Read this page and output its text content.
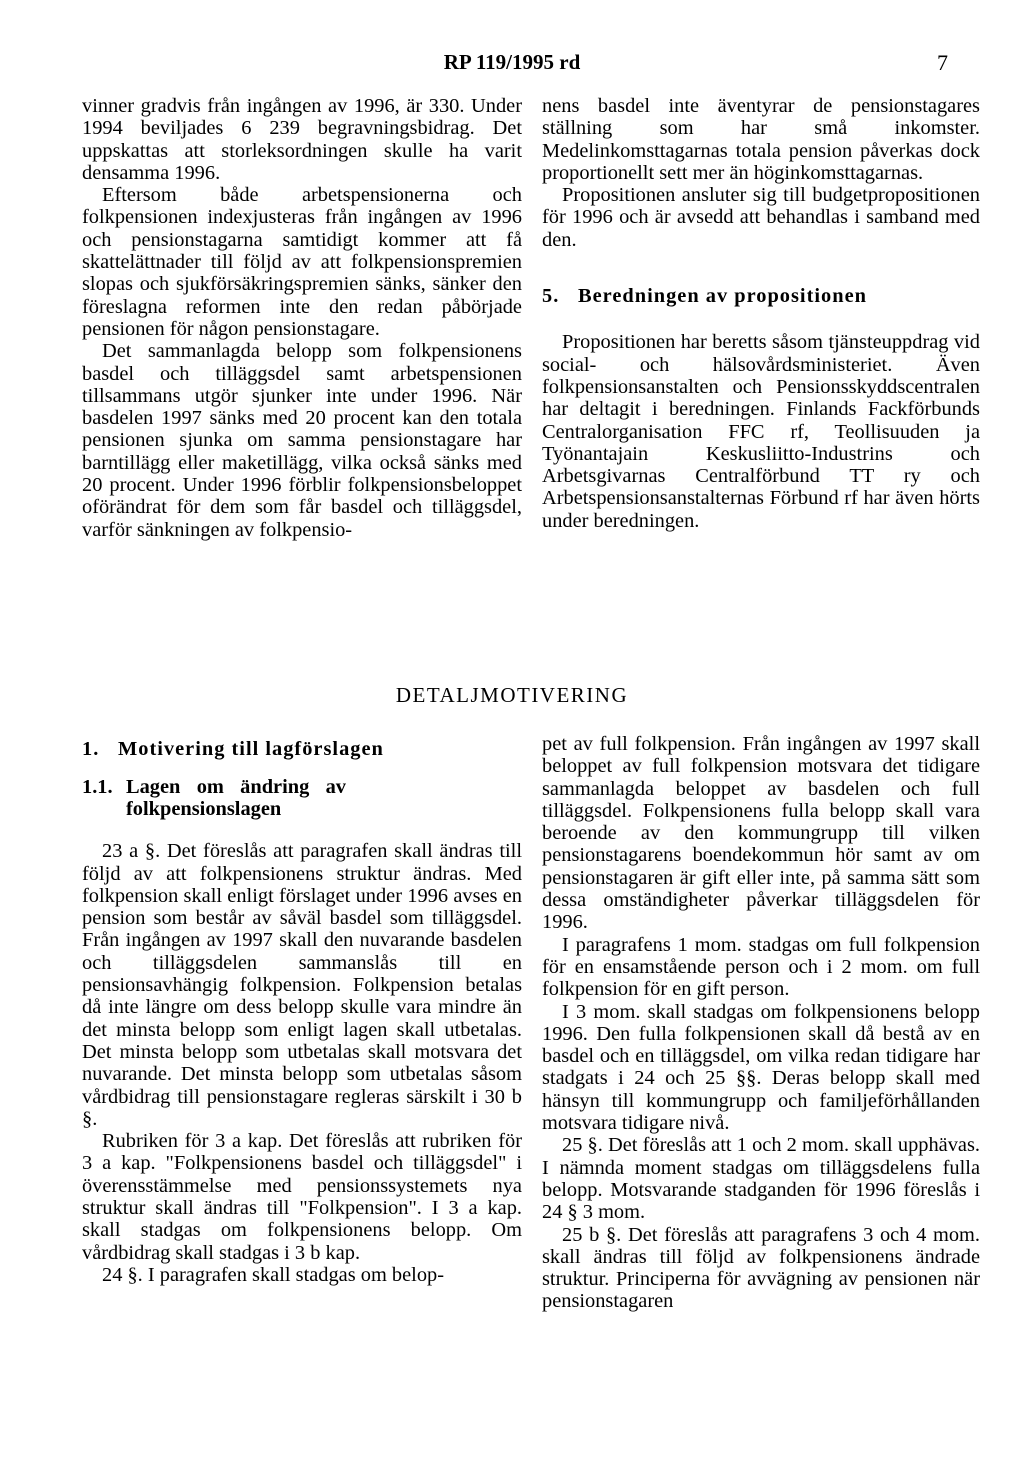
RP 119/1995 rd	7

vinner gradvis från ingången av 1996, är 330. Under 1994 beviljades 6 239 begravningsbidrag. Det uppskattas att storleksordningen skulle ha varit densamma 1996.

Eftersom både arbetspensionerna och folkpensionen indexjusteras från ingången av 1996 och pensionstagarna samtidigt kommer att få skattelättnader till följd av att folkpensionspremien slopas och sjukförsäkringspremien sänks, sänker den föreslagna reformen inte den redan påbörjade pensionen för någon pensionstagare.

Det sammanlagda belopp som folkpensionens basdel och tilläggsdel samt arbetspensionen tillsammans utgör sjunker inte under 1996. När basdelen 1997 sänks med 20 procent kan den totala pensionen sjunka om samma pensionstagare har barntillägg eller maketillägg, vilka också sänks med 20 procent. Under 1996 förblir folkpensionsbeloppet oförändrat för dem som får basdel och tilläggsdel, varför sänkningen av folkpensio-

nens basdel inte äventyrar de pensionstagares ställning som har små inkomster. Medelinkomsttagarnas totala pension påverkas dock proportionellt sett mer än höginkomsttagarnas.

Propositionen ansluter sig till budgetpropositionen för 1996 och är avsedd att behandlas i samband med den.

5. Beredningen av propositionen

Propositionen har beretts såsom tjänsteuppdrag vid social- och hälsovårdsministeriet. Även folkpensionsanstalten och Pensionsskyddscentralen har deltagit i beredningen. Finlands Fackförbunds Centralorganisation FFC rf, Teollisuuden ja Työnantajain Keskusliitto-Industrins och Arbetsgivarnas Centralförbund TT ry och Arbetspensionsanstalternas Förbund rf har även hörts under beredningen.

DETALJMOTIVERING
1. Motivering till lagförslagen
1.1. Lagen om ändring av folkpensionslagen

23 a §. Det föreslås att paragrafen skall ändras till följd av att folkpensionens struktur ändras. Med folkpension skall enligt förslaget under 1996 avses en pension som består av såväl basdel som tilläggsdel. Från ingången av 1997 skall den nuvarande basdelen och tilläggsdelen sammanslås till en pensionsavhängig folkpension. Folkpension betalas då inte längre om dess belopp skulle vara mindre än det minsta belopp som enligt lagen skall utbetalas. Det minsta belopp som utbetalas skall motsvara det nuvarande. Det minsta belopp som utbetalas såsom vårdbidrag till pensionstagare regleras särskilt i 30 b §.

Rubriken för 3 a kap. Det föreslås att rubriken för 3 a kap. "Folkpensionens basdel och tilläggsdel" i överensstämmelse med pensionssystemets nya struktur skall ändras till "Folkpension". I 3 a kap. skall stadgas om folkpensionens belopp. Om vårdbidrag skall stadgas i 3 b kap.

24 §. I paragrafen skall stadgas om belop-

pet av full folkpension. Från ingången av 1997 skall beloppet av full folkpension motsvara det tidigare sammanlagda beloppet av basdelen och full tilläggsdel. Folkpensionens fulla belopp skall vara beroende av den kommungrupp till vilken pensionstagarens boendekommun hör samt av om pensionstagaren är gift eller inte, på samma sätt som dessa omständigheter påverkar tilläggsdelen för 1996.

I paragrafens 1 mom. stadgas om full folkpension för en ensamstående person och i 2 mom. om full folkpension för en gift person.

I 3 mom. skall stadgas om folkpensionens belopp 1996. Den fulla folkpensionen skall då bestå av en basdel och en tilläggsdel, om vilka redan tidigare har stadgats i 24 och 25 §§. Deras belopp skall med hänsyn till kommungrupp och familjeförhållanden motsvara tidigare nivå.

25 §. Det föreslås att 1 och 2 mom. skall upphävas. I nämnda moment stadgas om tilläggsdelens fulla belopp. Motsvarande stadganden för 1996 föreslås i 24 § 3 mom.

25 b §. Det föreslås att paragrafens 3 och 4 mom. skall ändras till följd av folkpensionens ändrade struktur. Principerna för avvägning av pensionen när pensionstagaren
